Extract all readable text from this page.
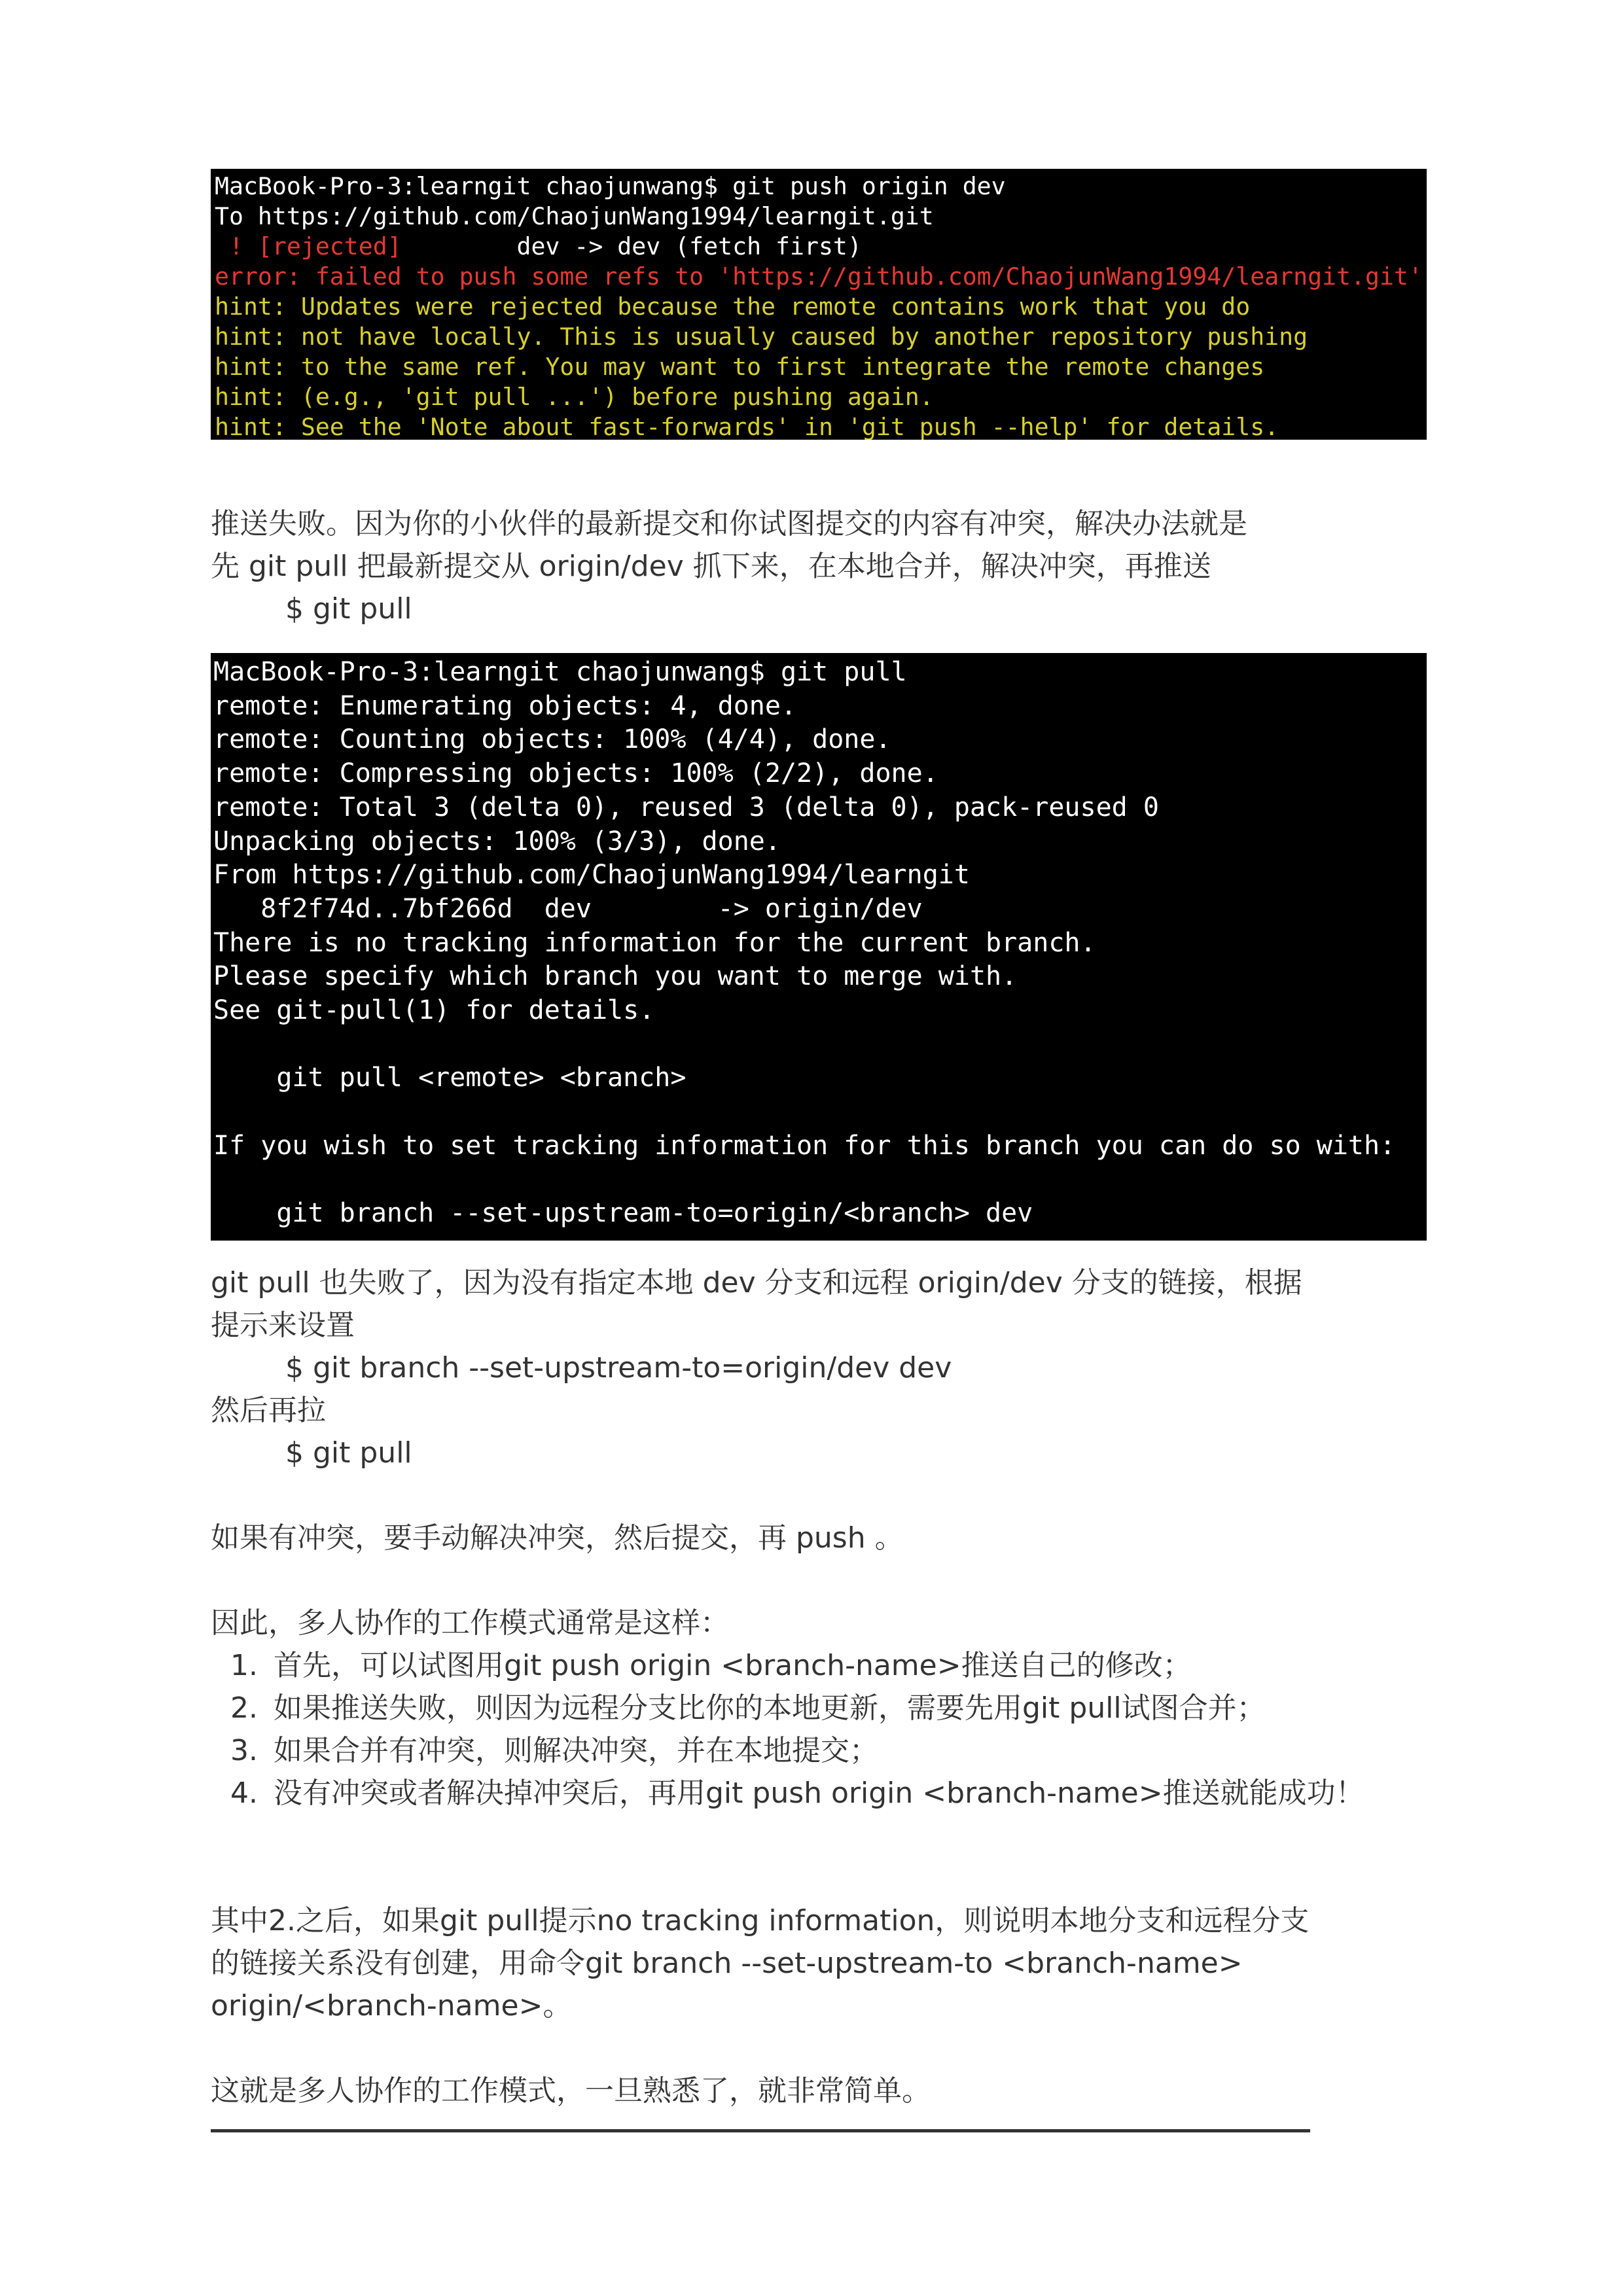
MacBook-Pro-3:learngit chaojunwang$ git push origin dev
To https://github.com/ChaojunWang1994/learngit.git
! [rejected]        dev -> dev (fetch first)
error: failed to push some refs to 'https://github.com/ChaojunWang1994/learngit.git'
hint: Updates were rejected because the remote contains work that you do
hint: not have locally. This is usually caused by another repository pushing
hint: to the same ref. You may want to first integrate the remote changes
hint: (e.g., 'git pull ...') before pushing again.
hint: See the 'Note about fast-forwards' in 'git push --help' for details.
推送失败。因为你的小伙伴的最新提交和你试图提交的内容有冲突，解决办法就是
先 git pull 把最新提交从 origin/dev 抓下来，在本地合并，解决冲突，再推送
$ git pull
MacBook-Pro-3:learngit chaojunwang$ git pull
remote: Enumerating objects: 4, done.
remote: Counting objects: 100% (4/4), done.
remote: Compressing objects: 100% (2/2), done.
remote: Total 3 (delta 0), reused 3 (delta 0), pack-reused 0
Unpacking objects: 100% (3/3), done.
From https://github.com/ChaojunWang1994/learngit
8f2f74d..7bf266d  dev        -> origin/dev
There is no tracking information for the current branch.
Please specify which branch you want to merge with.
See git-pull(1) for details.

git pull <remote> <branch>

If you wish to set tracking information for this branch you can do so with:

git branch --set-upstream-to=origin/<branch> dev
git pull 也失败了，因为没有指定本地 dev 分支和远程 origin/dev 分支的链接，根据
提示来设置
$ git branch --set-upstream-to=origin/dev dev
然后再拉
$ git pull
如果有冲突，要手动解决冲突，然后提交，再 push 。
因此，多人协作的工作模式通常是这样：
1. 首先，可以试图用git push origin <branch-name>推送自己的修改；
2. 如果推送失败，则因为远程分支比你的本地更新，需要先用git pull试图合并；
3. 如果合并有冲突，则解决冲突，并在本地提交；
4. 没有冲突或者解决掉冲突后，再用git push origin <branch-name>推送就能成功！
其中2.之后，如果git pull提示no tracking information，则说明本地分支和远程分支
的链接关系没有创建，用命令git branch --set-upstream-to <branch-name>
origin/<branch-name>。
这就是多人协作的工作模式，一旦熟悉了，就非常简单。
